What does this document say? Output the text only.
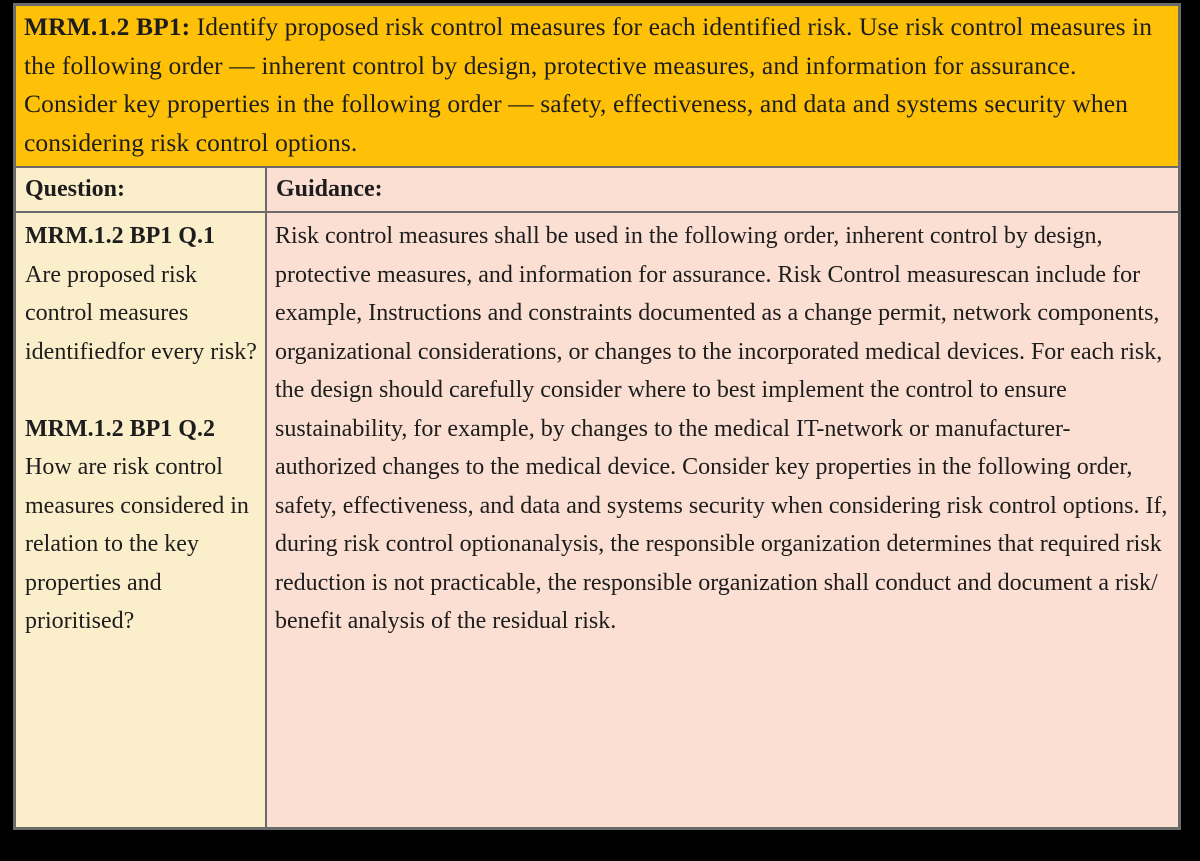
MRM.1.2 BP1: Identify proposed risk control measures for each identified risk. Use risk control measures in the following order — inherent control by design, protective measures, and information for assurance. Consider key properties in the following order — safety, effectiveness, and data and systems security when considering risk control options.
Question:	Guidance:
MRM.1.2 BP1 Q.1
Are proposed risk control measures identifiedfor every risk?
MRM.1.2 BP1 Q.2
How are risk control measures considered in relation to the key properties and prioritised?

Risk control measures shall be used in the following order, inherent control by design, protective measures, and information for assurance. Risk Control measurescan include for example, Instructions and constraints documented as a change permit, network components, organizational considerations, or changes to the incorporated medical devices. For each risk, the design should carefully consider where to best implement the control to ensure sustainability, for example, by changes to the medical IT-network or manufacturer-authorized changes to the medical device. Consider key properties in the following order, safety, effectiveness, and data and systems security when considering risk control options. If, during risk control optionanalysis, the responsible organization determines that required risk reduction is not practicable, the responsible organization shall conduct and document a risk/ benefit analysis of the residual risk.
